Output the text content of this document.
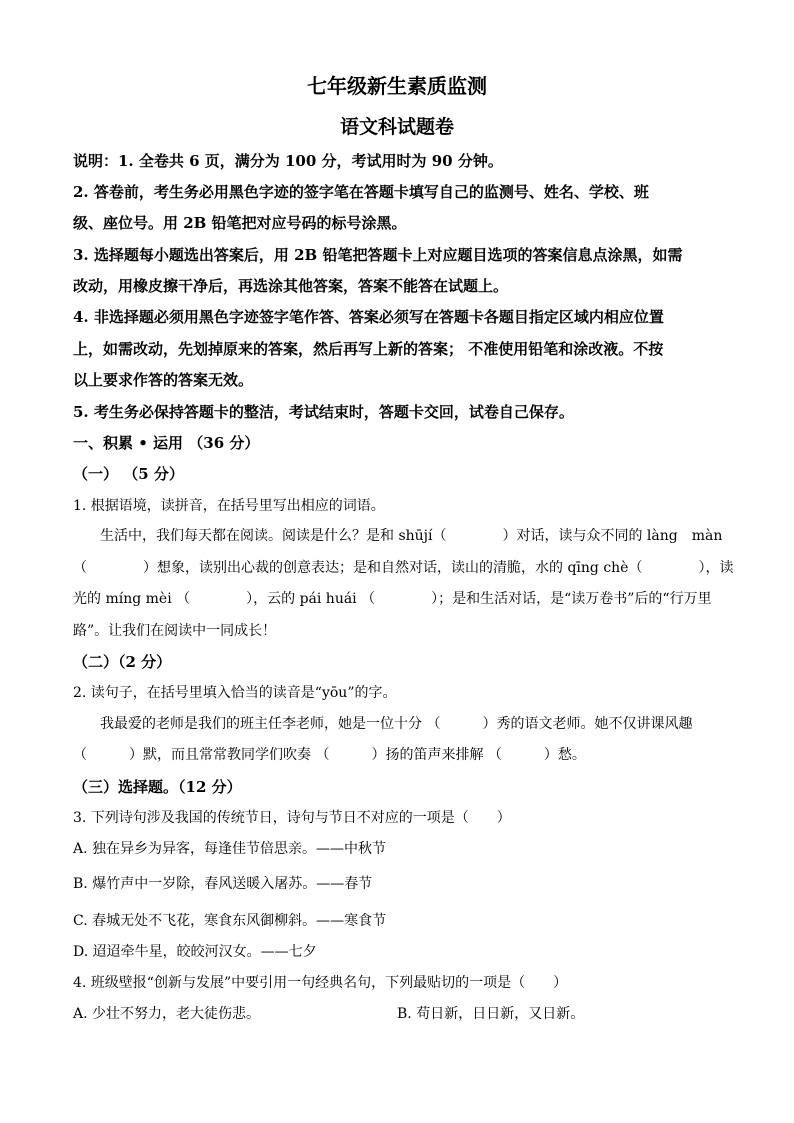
七年级新生素质监测
语文科试题卷
说明：1. 全卷共 6 页，满分为 100 分，考试用时为 90 分钟。
2. 答卷前，考生务必用黑色字迹的签字笔在答题卡填写自己的监测号、姓名、学校、班
级、座位号。用 2B 铅笔把对应号码的标号涂黑。
3. 选择题每小题选出答案后，用 2B 铅笔把答题卡上对应题目选项的答案信息点涂黑，如需
改动，用橡皮擦干净后，再选涂其他答案，答案不能答在试题上。
4. 非选择题必须用黑色字迹签字笔作答、答案必须写在答题卡各题目指定区域内相应位置
上，如需改动，先划掉原来的答案，然后再写上新的答案； 不准使用铅笔和涂改液。不按
以上要求作答的答案无效。
5. 考生务必保持答题卡的整洁，考试结束时，答题卡交回，试卷自己保存。
一、积累 • 运用 （36 分）
（一） （5 分）
1. 根据语境，读拼音，在括号里写出相应的词语。
生活中，我们每天都在阅读。阅读是什么？是和 shūjí（　　　　）对话，读与众不同的 làng　màn
（　　　　）想象，读别出心裁的创意表达；是和自然对话，读山的清脆，水的 qīng chè（　　　　），读
光的 míng mèi （　　　　），云的 pái huái （　　　　）；是和生活对话，是“读万卷书”后的“行万里
路”。让我们在阅读中一同成长！
（二）（2 分）
2. 读句子，在括号里填入恰当的读音是“yōu”的字。
我最爱的老师是我们的班主任李老师，她是一位十分 （　　　）秀的语文老师。她不仅讲课风趣
（　　　）默，而且常常教同学们吹奏 （　　　）扬的笛声来排解 （　　　）愁。
（三）选择题。（12 分）
3. 下列诗句涉及我国的传统节日，诗句与节日不对应的一项是（　　）
A. 独在异乡为异客，每逢佳节倍思亲。——中秋节
B. 爆竹声中一岁除，春风送暖入屠苏。——春节
C. 春城无处不飞花，寒食东风御柳斜。——寒食节
D. 迢迢牵牛星，皎皎河汉女。——七夕
4. 班级壁报“创新与发展”中要引用一句经典名句，下列最贴切的一项是（　　）
A. 少壮不努力，老大徒伤悲。	B. 苟日新，日日新，又日新。
